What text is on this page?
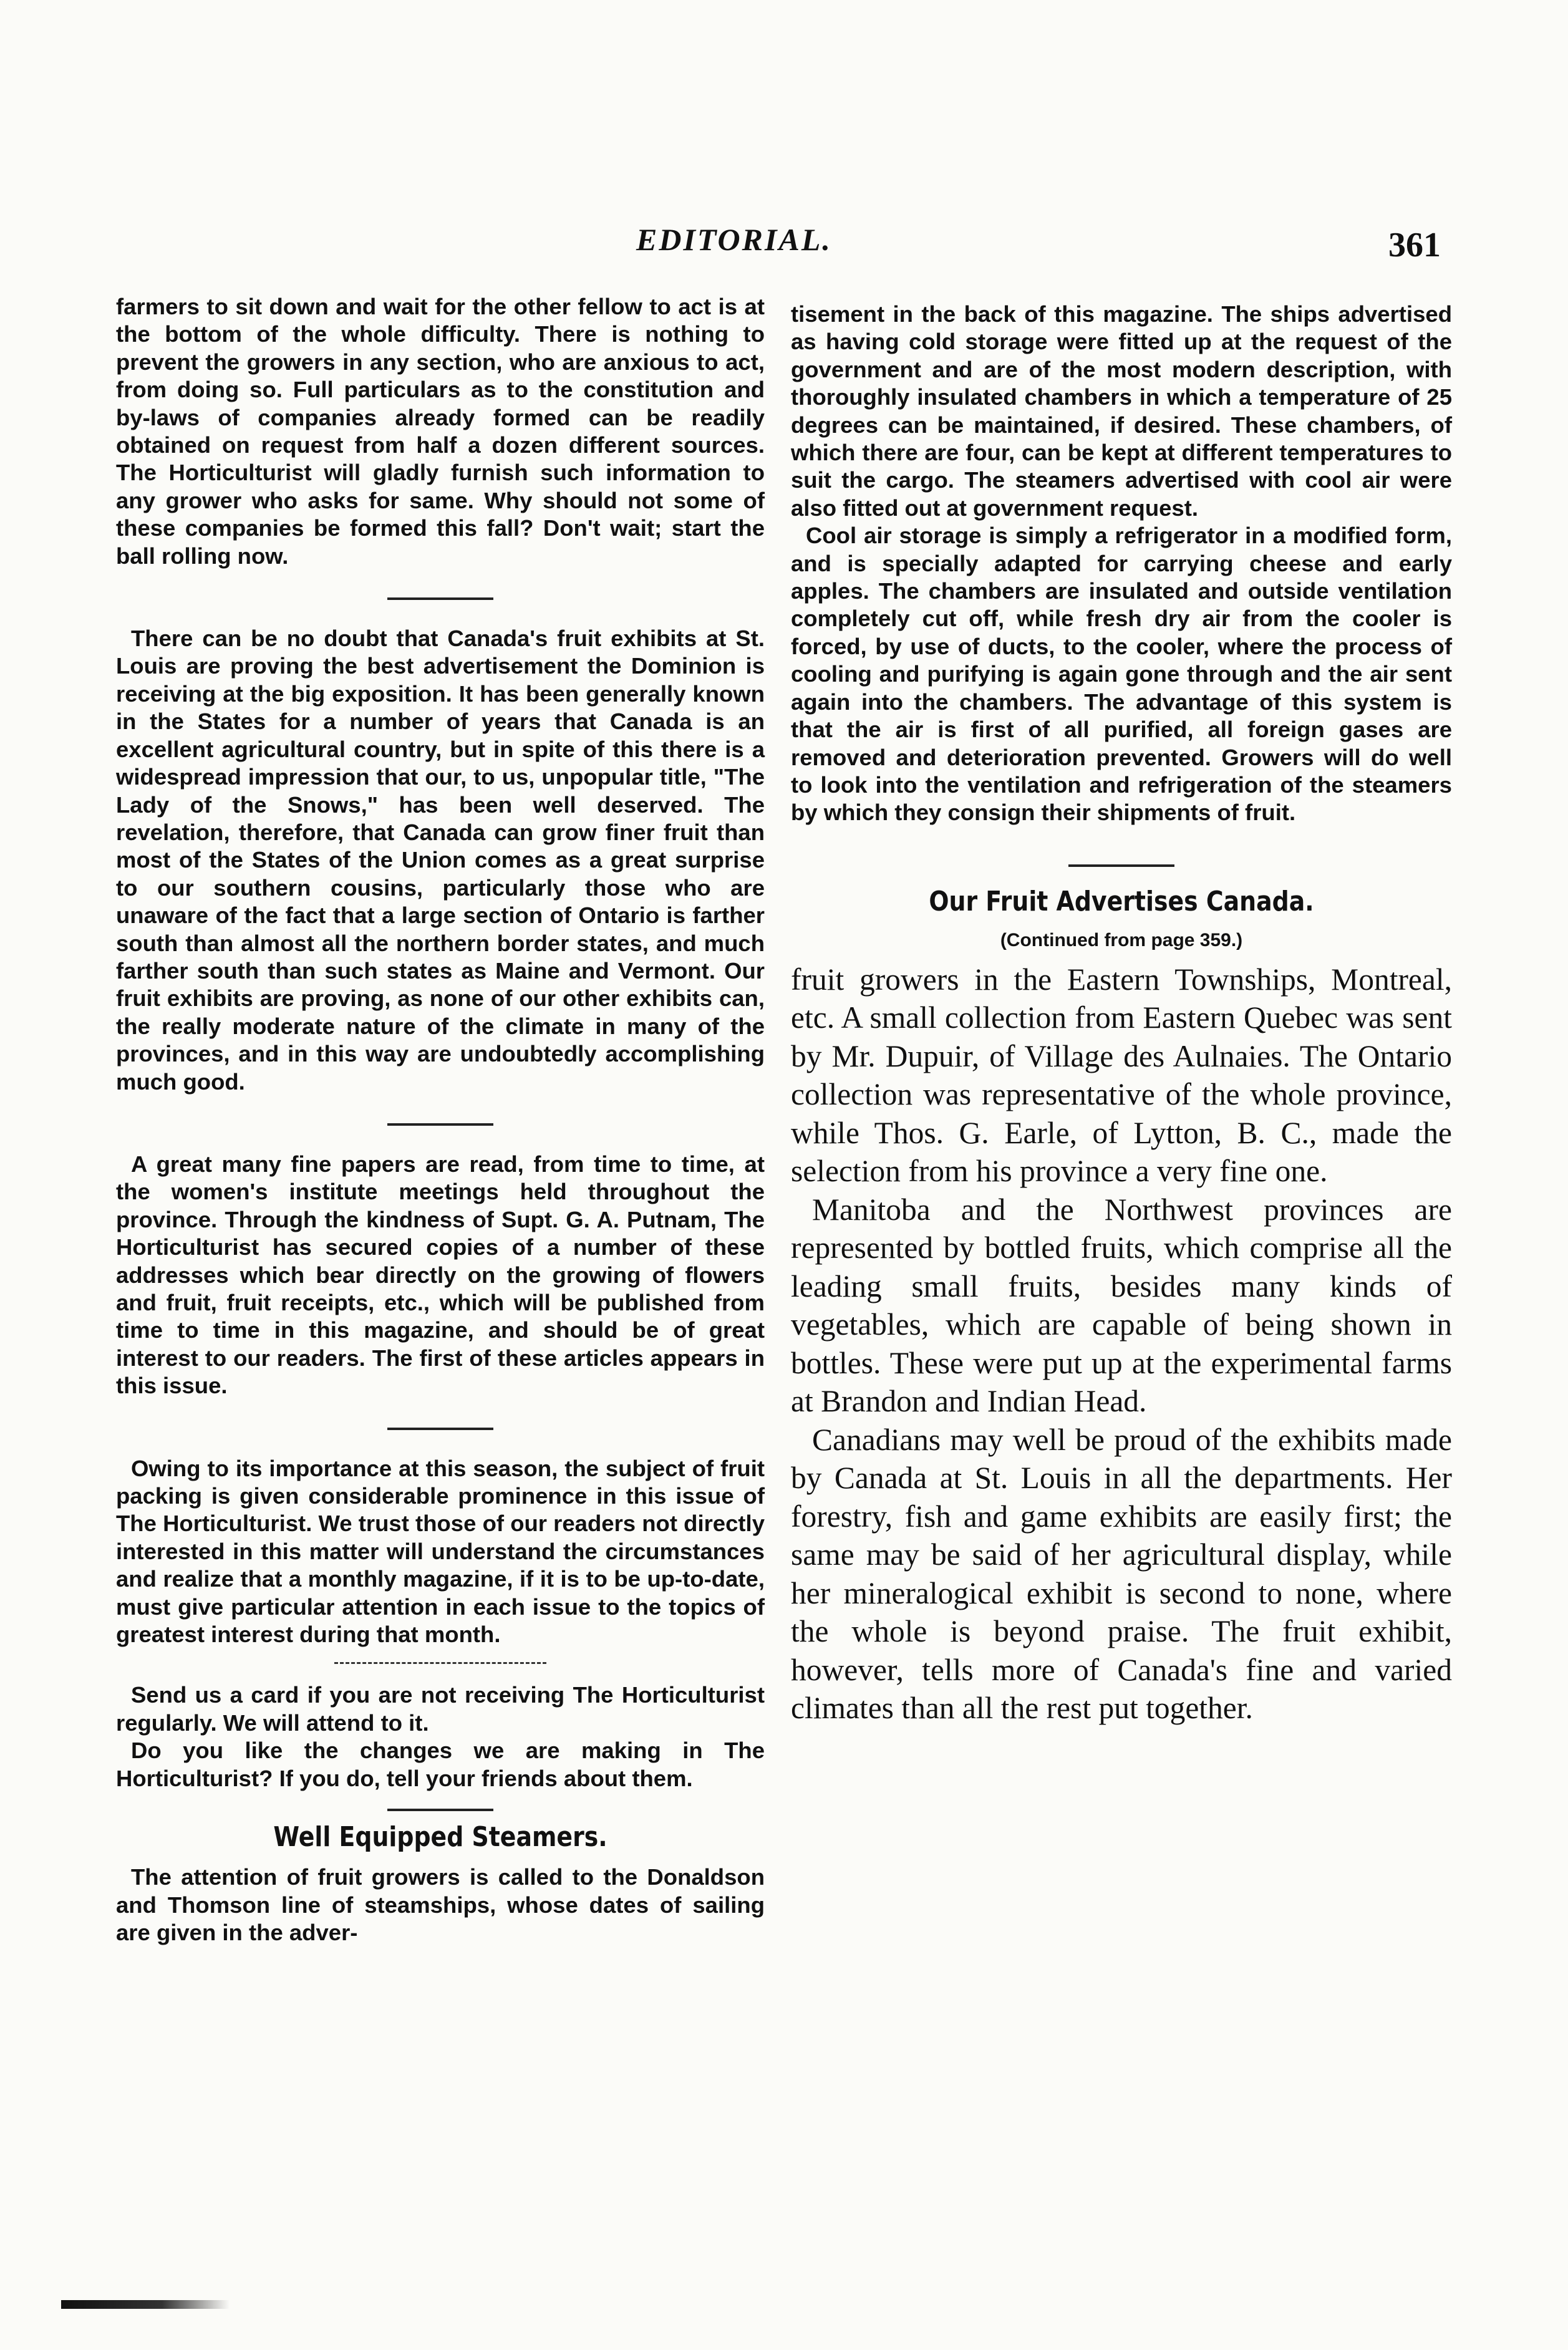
EDITORIAL.	361

farmers to sit down and wait for the other fellow to act is at the bottom of the whole difficulty. There is nothing to prevent the growers in any section, who are anxious to act, from doing so. Full particulars as to the constitution and by-laws of companies already formed can be readily obtained on request from half a dozen different sources. The Horticulturist will gladly furnish such information to any grower who asks for same. Why should not some of these companies be formed this fall? Don't wait; start the ball rolling now.

There can be no doubt that Canada's fruit exhibits at St. Louis are proving the best advertisement the Dominion is receiving at the big exposition. It has been generally known in the States for a number of years that Canada is an excellent agricultural country, but in spite of this there is a widespread impression that our, to us, unpopular title, "The Lady of the Snows," has been well deserved. The revelation, therefore, that Canada can grow finer fruit than most of the States of the Union comes as a great surprise to our southern cousins, particularly those who are unaware of the fact that a large section of Ontario is farther south than almost all the northern border states, and much farther south than such states as Maine and Vermont. Our fruit exhibits are proving, as none of our other exhibits can, the really moderate nature of the climate in many of the provinces, and in this way are undoubtedly accomplishing much good.

A great many fine papers are read, from time to time, at the women's institute meetings held throughout the province. Through the kindness of Supt. G. A. Putnam, The Horticulturist has secured copies of a number of these addresses which bear directly on the growing of flowers and fruit, fruit receipts, etc., which will be published from time to time in this magazine, and should be of great interest to our readers. The first of these articles appears in this issue.

Owing to its importance at this season, the subject of fruit packing is given considerable prominence in this issue of The Horticulturist. We trust those of our readers not directly interested in this matter will understand the circumstances and realize that a monthly magazine, if it is to be up-to-date, must give particular attention in each issue to the topics of greatest interest during that month.

Send us a card if you are not receiving The Horticulturist regularly. We will attend to it.

Do you like the changes we are making in The Horticulturist? If you do, tell your friends about them.

Well Equipped Steamers.

The attention of fruit growers is called to the Donaldson and Thomson line of steamships, whose dates of sailing are given in the adver-

tisement in the back of this magazine. The ships advertised as having cold storage were fitted up at the request of the government and are of the most modern description, with thoroughly insulated chambers in which a temperature of 25 degrees can be maintained, if desired. These chambers, of which there are four, can be kept at different temperatures to suit the cargo. The steamers advertised with cool air were also fitted out at government request.

Cool air storage is simply a refrigerator in a modified form, and is specially adapted for carrying cheese and early apples. The chambers are insulated and outside ventilation completely cut off, while fresh dry air from the cooler is forced, by use of ducts, to the cooler, where the process of cooling and purifying is again gone through and the air sent again into the chambers. The advantage of this system is that the air is first of all purified, all foreign gases are removed and deterioration prevented. Growers will do well to look into the ventilation and refrigeration of the steamers by which they consign their shipments of fruit.

Our Fruit Advertises Canada.
(Continued from page 359.)

fruit growers in the Eastern Townships, Montreal, etc. A small collection from Eastern Quebec was sent by Mr. Dupuir, of Village des Aulnaies. The Ontario collection was representative of the whole province, while Thos. G. Earle, of Lytton, B. C., made the selection from his province a very fine one.

Manitoba and the Northwest provinces are represented by bottled fruits, which comprise all the leading small fruits, besides many kinds of vegetables, which are capable of being shown in bottles. These were put up at the experimental farms at Brandon and Indian Head.

Canadians may well be proud of the exhibits made by Canada at St. Louis in all the departments. Her forestry, fish and game exhibits are easily first; the same may be said of her agricultural display, while her mineralogical exhibit is second to none, where the whole is beyond praise. The fruit exhibit, however, tells more of Canada's fine and varied climates than all the rest put together.
